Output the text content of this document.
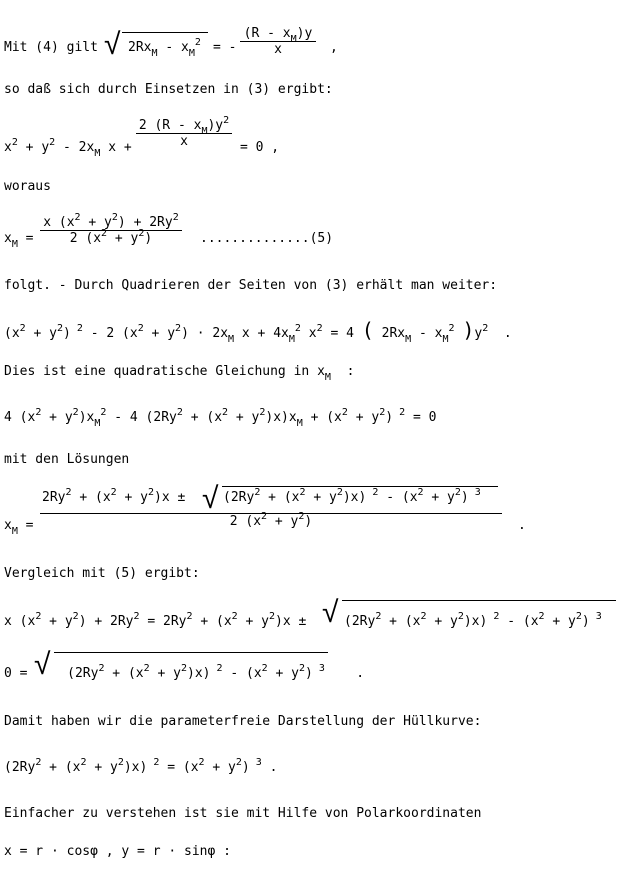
Mit (4) gilt √ $2Rx_M - x_M^2$ = - $\frac{(R - x_M)y}{x}$ ,
so daß sich durch Einsetzen in (3) ergibt:
$x^2 + y^2 - 2x_M$ $x + \frac{2 (R - x_M)y^2}{x} = 0$ ,
woraus
$x_M = \frac{x (x^2 + y^2) + 2Ry^2}{2 (x^2 + y^2)} ..............(5)$
folgt. - Durch Quadrieren der Seiten von (3) erhält man weiter:
$(x^2 + y^2)$ $^2$ - 2 $(x^2 + y^2) \cdot 2x_M$ $x + 4x_M^2$ $x^2 = 4$ ( $2Rx_M - x_M^2$ )$y^2$  .
Dies ist eine quadratische Gleichung in $x_M$ :
4 $(x^2 + y^2)x_M^2 - 4$ $(2Ry^2 + (x^2 + y^2)x)x_M + (x^2 + y^2) ^2 = 0$
mit den Lösungen
$x_M = \frac{2Ry^2 + (x^2 + y^2)x \pm (2Ry^2 + (x^2 + y^2)x) ^2 - (x^2 + y^2) ^3}{2 (x^2 + y^2)}$
√
.
Vergleich mit (5) ergibt:
x $(x^2 + y^2) + 2Ry^2 = 2Ry^2 + (x^2 + y^2)x \pm (2Ry^2 + (x^2 + y^2)x)$ $^2 - (x^2 + y^2)$ $^3$
√
$0 = (2Ry^2 + (x^2 + y^2)x)$ $^2 - (x^2 + y^2)$ $^3$    .
√
Damit haben wir die parameterfreie Darstellung der Hüllkurve:
$(2Ry^2 + (x^2 + y^2)x) ^2 = (x^2 + y^2)$ $^3$ .
Einfacher zu verstehen ist sie mit Hilfe von Polarkoordinaten
x = r · cosφ , y = r · sinφ :
